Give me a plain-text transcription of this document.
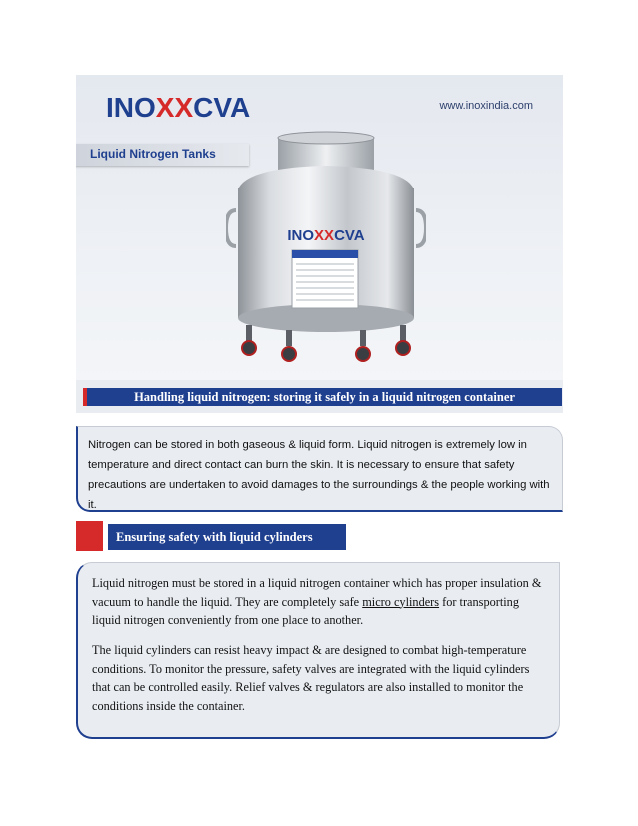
INOXXCVA	www.inoxindia.com
Liquid Nitrogen Tanks
INOXXCVA
Handling liquid nitrogen: storing it safely in a liquid nitrogen container

Nitrogen can be stored in both gaseous & liquid form. Liquid nitrogen is extremely low in temperature and direct contact can burn the skin. It is necessary to ensure that safety precautions are undertaken to avoid damages to the surroundings & the people working with it.

Ensuring safety with liquid cylinders

Liquid nitrogen must be stored in a liquid nitrogen container which has proper insulation & vacuum to handle the liquid. They are completely safe micro cylinders for transporting liquid nitrogen conveniently from one place to another.

The liquid cylinders can resist heavy impact & are designed to combat high-temperature conditions. To monitor the pressure, safety valves are integrated with the liquid cylinders that can be controlled easily. Relief valves & regulators are also installed to monitor the conditions inside the container.
